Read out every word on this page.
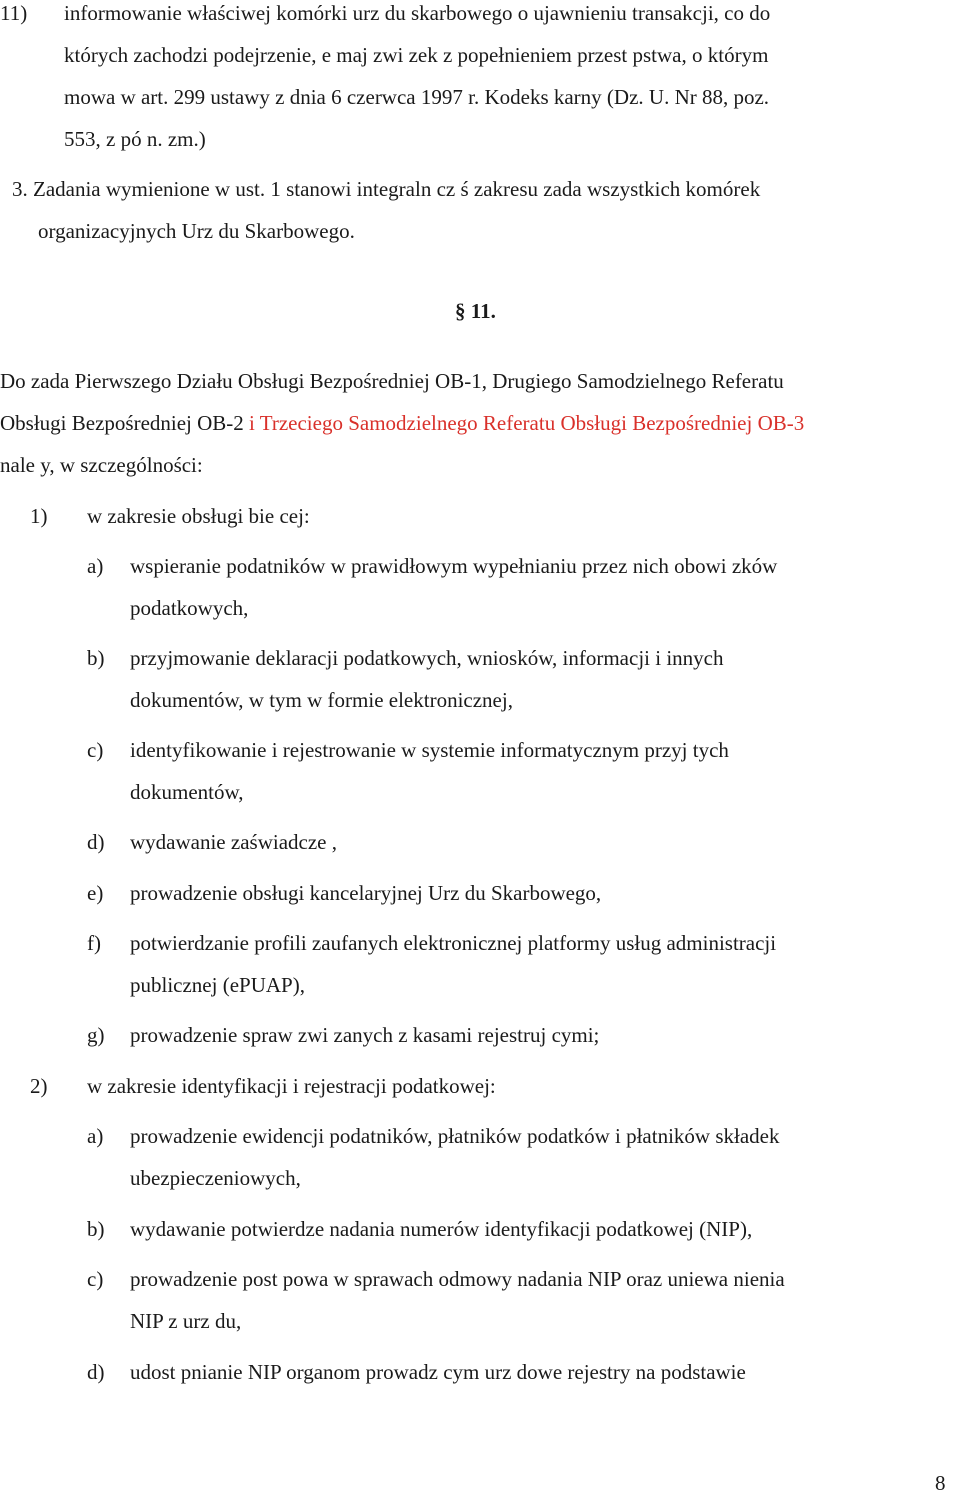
11) informowanie właściwej komórki urz du skarbowego o ujawnieniu transakcji, co do
których zachodzi podejrzenie, e maj zwi zek z popełnieniem przest pstwa, o którym
mowa w art. 299 ustawy z dnia 6 czerwca 1997 r. Kodeks karny (Dz. U. Nr 88, poz.
553, z pó n. zm.)
3. Zadania wymienione w ust. 1 stanowi integraln cz ś zakresu zada wszystkich komórek
organizacyjnych Urz du Skarbowego.
§ 11.
Do zada Pierwszego Działu Obsługi Bezpośredniej OB-1, Drugiego Samodzielnego Referatu
Obsługi Bezpośredniej OB-2 i Trzeciego Samodzielnego Referatu Obsługi Bezpośredniej OB-3
nale y, w szczególności:
1) w zakresie obsługi bie cej:
a) wspieranie podatników w prawidłowym wypełnianiu przez nich obowi zków
podatkowych,
b) przyjmowanie deklaracji podatkowych, wniosków, informacji i innych
dokumentów, w tym w formie elektronicznej,
c) identyfikowanie i rejestrowanie w systemie informatycznym przyj tych
dokumentów,
d) wydawanie zaświadcze ,
e) prowadzenie obsługi kancelaryjnej Urz du Skarbowego,
f) potwierdzanie profili zaufanych elektronicznej platformy usług administracji
publicznej (ePUAP),
g) prowadzenie spraw zwi zanych z kasami rejestruj cymi;
2) w zakresie identyfikacji i rejestracji podatkowej:
a) prowadzenie ewidencji podatników, płatników podatków i płatników składek
ubezpieczeniowych,
b) wydawanie potwierdze nadania numerów identyfikacji podatkowej (NIP),
c) prowadzenie post powa w sprawach odmowy nadania NIP oraz uniewa nienia
NIP z urz du,
d) udost pnianie NIP organom prowadz cym urz dowe rejestry na podstawie
8
